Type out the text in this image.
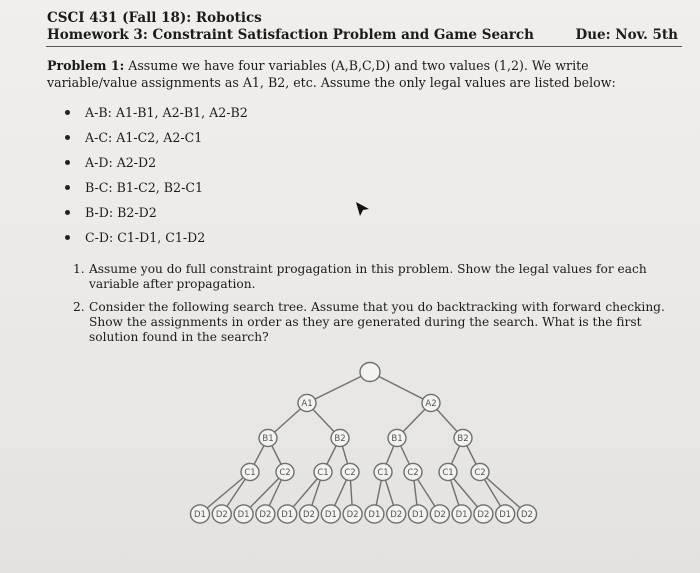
CSCI 431 (Fall 18): Robotics
Homework 3: Constraint Satisfaction Problem and Game Search	Due: Nov. 5th
Problem 1: Assume we have four variables (A,B,C,D) and two values (1,2). We write variable/value assignments as A1, B2, etc. Assume the only legal values are listed below:
A-B: A1-B1, A2-B1, A2-B2
A-C: A1-C2, A2-C1
A-D: A2-D2
B-C: B1-C2, B2-C1
B-D: B2-D2
C-D: C1-D1, C1-D2
1. Assume you do full constraint progagation in this problem. Show the legal values for each variable after propagation.
2. Consider the following search tree. Assume that you do backtracking with forward checking. Show the assignments in order as they are generated during the search. What is the first solution found in the search?
A1	A2
B1	B2	B1	B2
C1	C2	C1 C2	C1 C2	C1 C2
D1 D2 D1 D2 D1 D2 D1 D2 D1 D2 D1 D2 D1 D2 D1 D2
